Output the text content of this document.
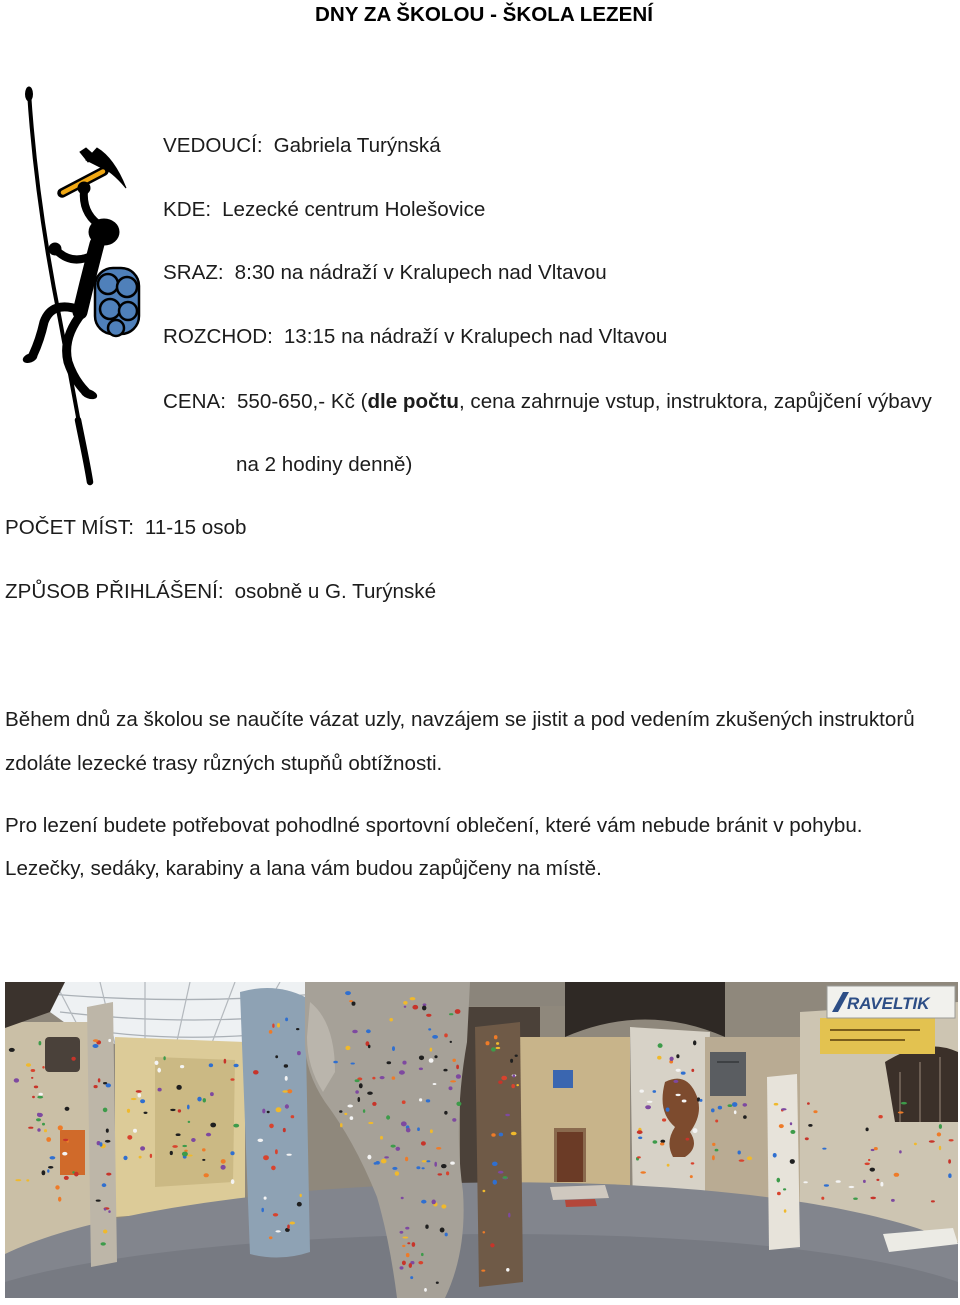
DNY ZA ŠKOLOU - ŠKOLA LEZENÍ
VEDOUCÍ: Gabriela Turýnská
KDE: Lezecké centrum Holešovice
SRAZ: 8:30 na nádraží v Kralupech nad Vltavou
ROZCHOD: 13:15 na nádraží v Kralupech nad Vltavou
CENA: 550-650,- Kč (dle počtu, cena zahrnuje vstup, instruktora, zapůjčení výbavy
na 2 hodiny denně)
POČET MÍST: 11-15 osob
ZPŮSOB PŘIHLÁŠENÍ: osobně u G. Turýnské
Během dnů za školou se naučíte vázat uzly, navzájem se jistit a pod vedením zkušených instruktorů
zdoláte lezecké trasy různých stupňů obtížnosti.
Pro lezení budete potřebovat pohodlné sportovní oblečení, které vám nebude bránit v pohybu.
Lezečky, sedáky, karabiny a lana vám budou zapůjčeny na místě.
RAVELTIK
